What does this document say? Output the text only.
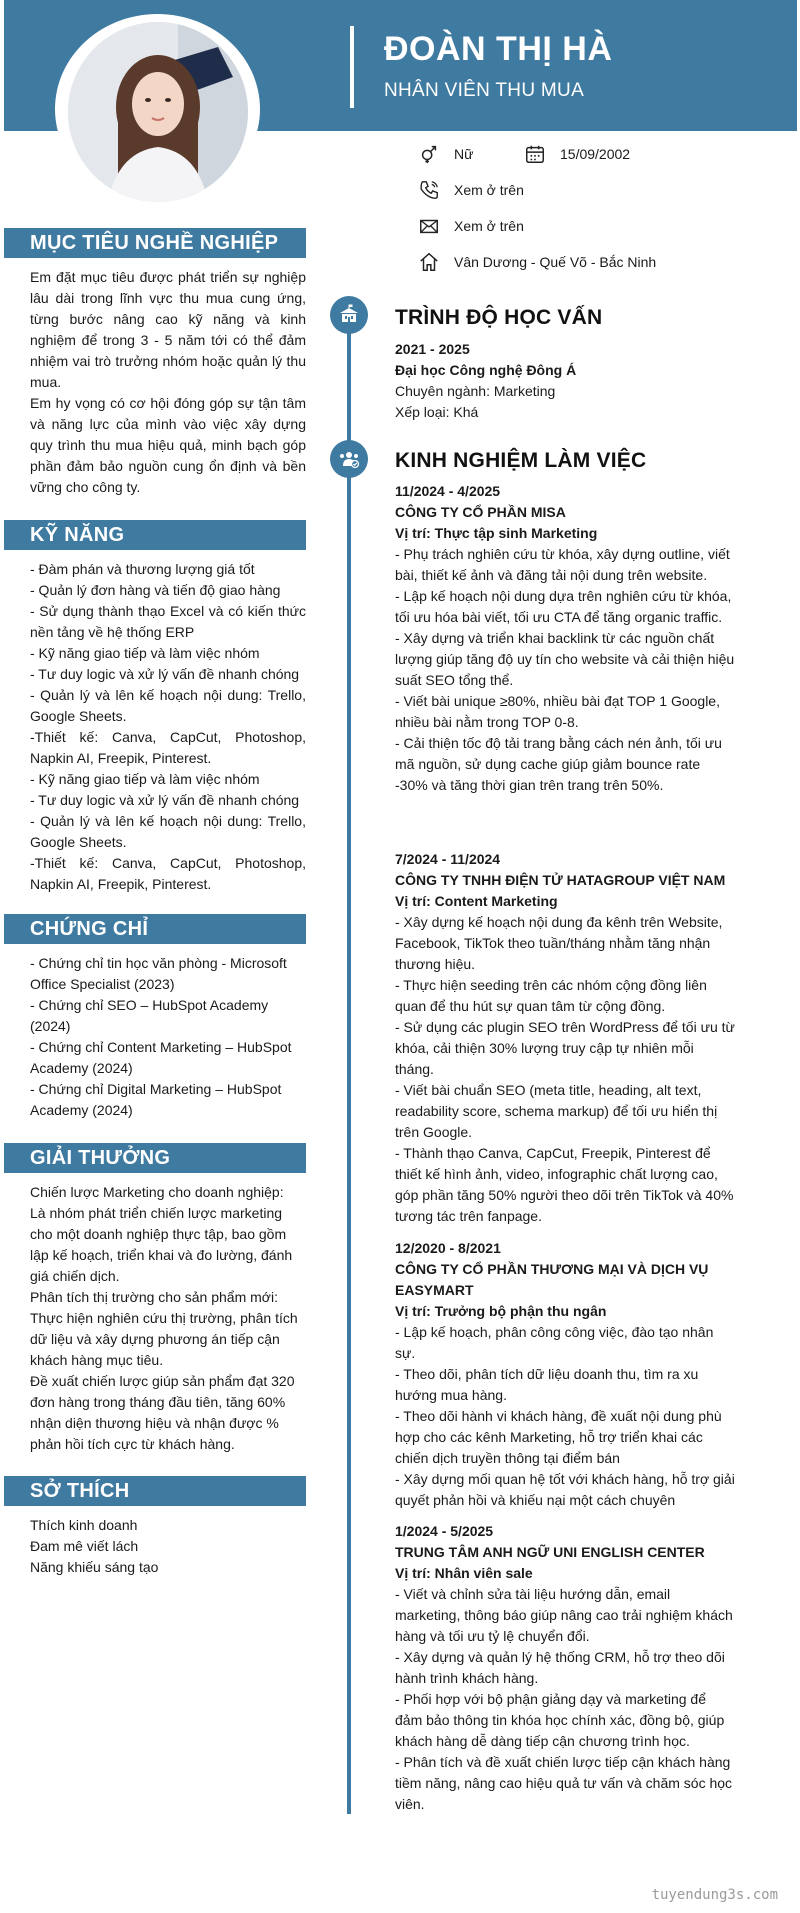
ĐOÀN THỊ HÀ
NHÂN VIÊN THU MUA
Nữ	15/09/2002
Xem ở trên
Xem ở trên
Vân Dương - Quế Võ - Bắc Ninh
MỤC TIÊU NGHỀ NGHIỆP

Em đặt mục tiêu được phát triển sự nghiệp lâu dài trong lĩnh vực thu mua cung ứng, từng bước nâng cao kỹ năng và kinh nghiệm để trong 3 - 5 năm tới có thể đảm nhiệm vai trò trưởng nhóm hoặc quản lý thu mua.

Em hy vọng có cơ hội đóng góp sự tận tâm và năng lực của mình vào việc xây dựng quy trình thu mua hiệu quả, minh bạch góp phần đảm bảo nguồn cung ổn định và bền vững cho công ty.

KỸ NĂNG

- Đàm phán và thương lượng giá tốt

- Quản lý đơn hàng và tiến độ giao hàng

- Sử dụng thành thạo Excel và có kiến thức nền tảng về hệ thống ERP

- Kỹ năng giao tiếp và làm việc nhóm

- Tư duy logic và xử lý vấn đề nhanh chóng

- Quản lý và lên kế hoạch nội dung: Trello, Google Sheets.

-Thiết kế: Canva, CapCut, Photoshop, Napkin AI, Freepik, Pinterest.

- Kỹ năng giao tiếp và làm việc nhóm

- Tư duy logic và xử lý vấn đề nhanh chóng

- Quản lý và lên kế hoạch nội dung: Trello, Google Sheets.

-Thiết kế: Canva, CapCut, Photoshop, Napkin AI, Freepik, Pinterest.

CHỨNG CHỈ

- Chứng chỉ tin học văn phòng - Microsoft Office Specialist (2023)

- Chứng chỉ SEO – HubSpot Academy (2024)

- Chứng chỉ Content Marketing – HubSpot Academy (2024)

- Chứng chỉ Digital Marketing – HubSpot Academy (2024)

GIẢI THƯỞNG

Chiến lược Marketing cho doanh nghiệp:

Là nhóm phát triển chiến lược marketing cho một doanh nghiệp thực tập, bao gồm lập kế hoạch, triển khai và đo lường, đánh giá chiến dịch.

Phân tích thị trường cho sản phẩm mới:

Thực hiện nghiên cứu thị trường, phân tích dữ liệu và xây dựng phương án tiếp cận khách hàng mục tiêu.

Đề xuất chiến lược giúp sản phẩm đạt 320 đơn hàng trong tháng đầu tiên, tăng 60% nhận diện thương hiệu và nhận được % phản hồi tích cực từ khách hàng.

SỞ THÍCH

Thích kinh doanh

Đam mê viết lách

Năng khiếu sáng tạo

TRÌNH ĐỘ HỌC VẤN

2021 - 2025

Đại học Công nghệ Đông Á

Chuyên ngành: Marketing

Xếp loại: Khá

KINH NGHIỆM LÀM VIỆC

11/2024 - 4/2025

CÔNG TY CỔ PHẦN MISA

Vị trí: Thực tập sinh Marketing

- Phụ trách nghiên cứu từ khóa, xây dựng outline, viết bài, thiết kế ảnh và đăng tải nội dung trên website.

- Lập kế hoạch nội dung dựa trên nghiên cứu từ khóa, tối ưu hóa bài viết, tối ưu CTA để tăng organic traffic.

- Xây dựng và triển khai backlink từ các nguồn chất lượng giúp tăng độ uy tín cho website và cải thiện hiệu suất SEO tổng thể.

- Viết bài unique ≥80%, nhiều bài đạt TOP 1 Google, nhiều bài nằm trong TOP 0-8.

- Cải thiện tốc độ tải trang bằng cách nén ảnh, tối ưu mã nguồn, sử dụng cache giúp giảm bounce rate -30% và tăng thời gian trên trang trên 50%.

7/2024 - 11/2024

CÔNG TY TNHH ĐIỆN TỬ HATAGROUP VIỆT NAM

Vị trí: Content Marketing

- Xây dựng kế hoạch nội dung đa kênh trên Website, Facebook, TikTok theo tuần/tháng nhằm tăng nhận thương hiệu.

- Thực hiện seeding trên các nhóm cộng đồng liên quan để thu hút sự quan tâm từ cộng đồng.

- Sử dụng các plugin SEO trên WordPress để tối ưu từ khóa, cải thiện 30% lượng truy cập tự nhiên mỗi tháng.

- Viết bài chuẩn SEO (meta title, heading, alt text, readability score, schema markup) để tối ưu hiển thị trên Google.

- Thành thạo Canva, CapCut, Freepik, Pinterest để thiết kế hình ảnh, video, infographic chất lượng cao, góp phần tăng 50% người theo dõi trên TikTok và 40% tương tác trên fanpage.

12/2020 - 8/2021

CÔNG TY CỔ PHẦN THƯƠNG MẠI VÀ DỊCH VỤ EASYMART

Vị trí: Trưởng bộ phận thu ngân

- Lập kế hoạch, phân công công việc, đào tạo nhân sự.

- Theo dõi, phân tích dữ liệu doanh thu, tìm ra xu hướng mua hàng.

- Theo dõi hành vi khách hàng, đề xuất nội dung phù hợp cho các kênh Marketing, hỗ trợ triển khai các chiến dịch truyền thông tại điểm bán

- Xây dựng mối quan hệ tốt với khách hàng, hỗ trợ giải quyết phản hồi và khiếu nại một cách chuyên

1/2024 - 5/2025

TRUNG TÂM ANH NGỮ UNI ENGLISH CENTER

Vị trí: Nhân viên sale

- Viết và chỉnh sửa tài liệu hướng dẫn, email marketing, thông báo giúp nâng cao trải nghiệm khách hàng và tối ưu tỷ lệ chuyển đổi.

- Xây dựng và quản lý hệ thống CRM, hỗ trợ theo dõi hành trình khách hàng.

- Phối hợp với bộ phận giảng dạy và marketing để đảm bảo thông tin khóa học chính xác, đồng bộ, giúp khách hàng dễ dàng tiếp cận chương trình học.

- Phân tích và đề xuất chiến lược tiếp cận khách hàng tiềm năng, nâng cao hiệu quả tư vấn và chăm sóc học viên.

tuyendung3s.com
